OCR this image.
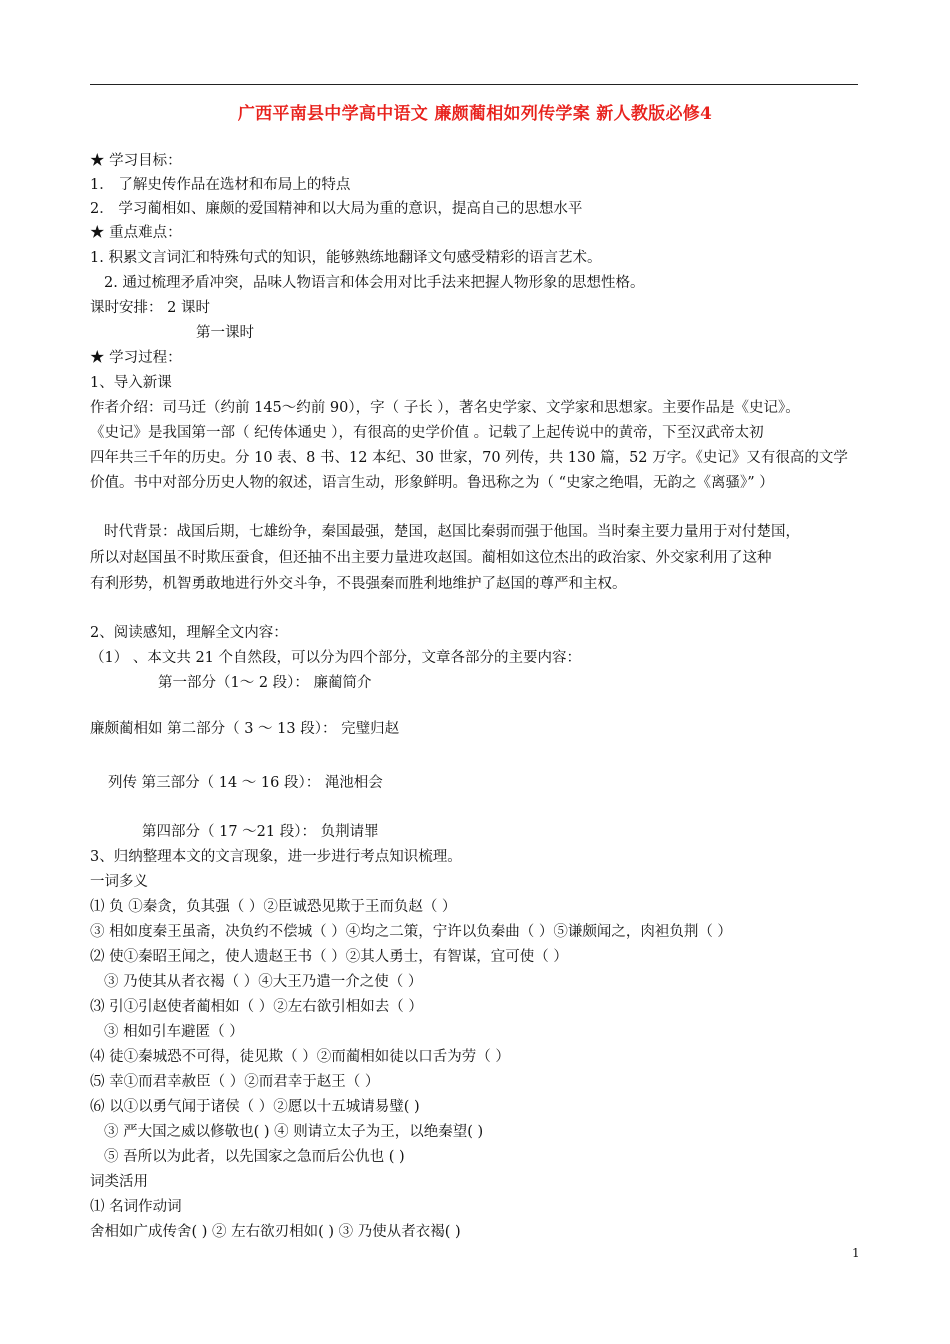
广西平南县中学高中语文 廉颇蔺相如列传学案 新人教版必修4
★ 学习目标：
1． 了解史传作品在选材和布局上的特点
2． 学习蔺相如、廉颇的爱国精神和以大局为重的意识，提高自己的思想水平
★ 重点难点：
1. 积累文言词汇和特殊句式的知识，能够熟练地翻译文句感受精彩的语言艺术。
2. 通过梳理矛盾冲突，品味人物语言和体会用对比手法来把握人物形象的思想性格。
课时安排： 2 课时
第一课时
★ 学习过程：
1、导入新课
作者介绍：司马迁（约前 145～约前 90），字（ 子长 ），著名史学家、文学家和思想家。主要作品是《史记》。
《史记》是我国第一部（ 纪传体通史 ），有很高的史学价值 。记载了上起传说中的黄帝，下至汉武帝太初
四年共三千年的历史。分 10 表、8 书、12 本纪、30 世家，70 列传，共 130 篇，52 万字。《史记》又有很高的文学
价值。书中对部分历史人物的叙述，语言生动，形象鲜明。鲁迅称之为（ “史家之绝唱，无韵之《离骚》” ）
时代背景：战国后期，七雄纷争，秦国最强，楚国，赵国比秦弱而强于他国。当时秦主要力量用于对付楚国，
所以对赵国虽不时欺压蚕食，但还抽不出主要力量进攻赵国。蔺相如这位杰出的政治家、外交家利用了这种
有利形势，机智勇敢地进行外交斗争，不畏强秦而胜利地维护了赵国的尊严和主权。
2、阅读感知，理解全文内容：
（1） 、本文共 21 个自然段，可以分为四个部分，文章各部分的主要内容：
第一部分（1～ 2 段）： 廉蔺简介
廉颇蔺相如 第二部分（ 3 ～ 13 段）： 完璧归赵
列传 第三部分（ 14 ～ 16 段）： 渑池相会
第四部分（ 17 ～21 段）： 负荆请罪
3、归纳整理本文的文言现象，进一步进行考点知识梳理。
一词多义
⑴ 负 ①秦贪，负其强（ ）②臣诚恐见欺于王而负赵（ ）
③ 相如度秦王虽斋，决负约不偿城（ ）④均之二策，宁许以负秦曲（ ）⑤谦颇闻之，肉袒负荆（ ）
⑵ 使①秦昭王闻之，使人遗赵王书（ ）②其人勇士，有智谋，宜可使（ ）
③ 乃使其从者衣褐（ ）④大王乃遣一介之使（ ）
⑶ 引①引赵使者蔺相如（ ）②左右欲引相如去（ ）
③ 相如引车避匿（ ）
⑷ 徒①秦城恐不可得，徒见欺（ ）②而蔺相如徒以口舌为劳（ ）
⑸ 幸①而君幸赦臣（ ）②而君幸于赵王（ ）
⑹ 以①以勇气闻于诸侯（ ）②愿以十五城请易璧( )
③ 严大国之威以修敬也( ) ④ 则请立太子为王，以绝秦望( )
⑤ 吾所以为此者，以先国家之急而后公仇也 ( )
词类活用
⑴ 名词作动词
舍相如广成传舍( ) ② 左右欲刃相如( ) ③ 乃使从者衣褐( )
1
